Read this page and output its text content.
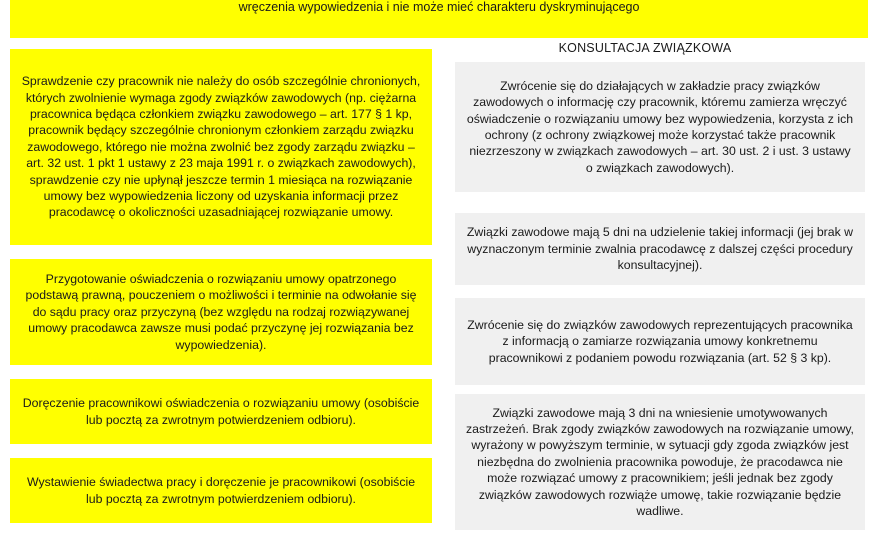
wręczenia wypowiedzenia i nie może mieć charakteru dyskryminującego
KONSULTACJA ZWIĄZKOWA
Sprawdzenie czy pracownik nie należy do osób szczególnie chronionych, których zwolnienie wymaga zgody związków zawodowych (np. ciężarna pracownica będąca członkiem związku zawodowego – art. 177 § 1 kp, pracownik będący szczególnie chronionym członkiem zarządu związku zawodowego, którego nie można zwolnić bez zgody zarządu związku – art. 32 ust. 1 pkt 1 ustawy z 23 maja 1991 r. o związkach zawodowych), sprawdzenie czy nie upłynął jeszcze termin 1 miesiąca na rozwiązanie umowy bez wypowiedzenia liczony od uzyskania informacji przez pracodawcę o okoliczności uzasadniającej rozwiązanie umowy.
Przygotowanie oświadczenia o rozwiązaniu umowy opatrzonego podstawą prawną, pouczeniem o możliwości i terminie na odwołanie się do sądu pracy oraz przyczyną (bez względu na rodzaj rozwiązywanej umowy pracodawca zawsze musi podać przyczynę jej rozwiązania bez wypowiedzenia).
Doręczenie pracownikowi oświadczenia o rozwiązaniu umowy (osobiście lub pocztą za zwrotnym potwierdzeniem odbioru).
Wystawienie świadectwa pracy i doręczenie je pracownikowi (osobiście lub pocztą za zwrotnym potwierdzeniem odbioru).
Zwrócenie się do działających w zakładzie pracy związków zawodowych o informację czy pracownik, któremu zamierza wręczyć oświadczenie o rozwiązaniu umowy bez wypowiedzenia, korzysta z ich ochrony (z ochrony związkowej może korzystać także pracownik niezrzeszony w związkach zawodowych – art. 30 ust. 2 i ust. 3 ustawy o związkach zawodowych).
Związki zawodowe mają 5 dni na udzielenie takiej informacji (jej brak w wyznaczonym terminie zwalnia pracodawcę z dalszej części procedury konsultacyjnej).
Zwrócenie się do związków zawodowych reprezentujących pracownika z informacją o zamiarze rozwiązania umowy konkretnemu pracownikowi z podaniem powodu rozwiązania (art. 52 § 3 kp).
Związki zawodowe mają 3 dni na wniesienie umotywowanych zastrzeżeń. Brak zgody związków zawodowych na rozwiązanie umowy, wyrażony w powyższym terminie, w sytuacji gdy zgoda związków jest niezbędna do zwolnienia pracownika powoduje, że pracodawca nie może rozwiązać umowy z pracownikiem; jeśli jednak bez zgody związków zawodowych rozwiąże umowę, takie rozwiązanie będzie wadliwe.
